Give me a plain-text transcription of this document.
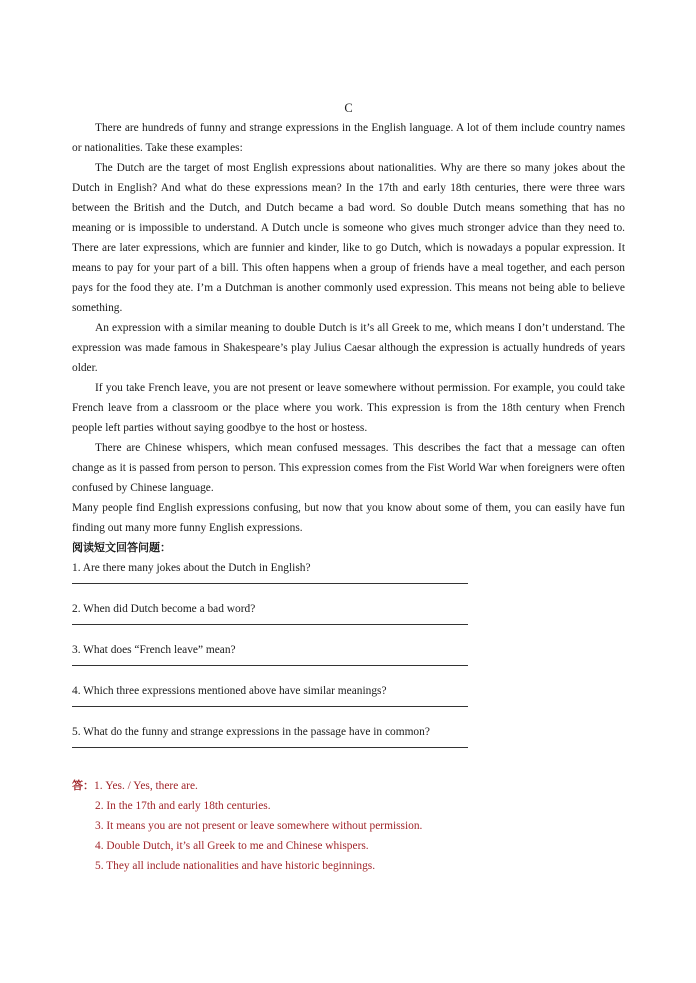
C

There are hundreds of funny and strange expressions in the English language. A lot of them include country names or nationalities. Take these examples:

The Dutch are the target of most English expressions about nationalities. Why are there so many jokes about the Dutch in English? And what do these expressions mean? In the 17th and early 18th centuries, there were three wars between the British and the Dutch, and Dutch became a bad word. So double Dutch means something that has no meaning or is impossible to understand. A Dutch uncle is someone who gives much stronger advice than they need to. There are later expressions, which are funnier and kinder, like to go Dutch, which is nowadays a popular expression. It means to pay for your part of a bill. This often happens when a group of friends have a meal together, and each person pays for the food they ate. I’m a Dutchman is another commonly used expression. This means not being able to believe something.

An expression with a similar meaning to double Dutch is it’s all Greek to me, which means I don’t understand. The expression was made famous in Shakespeare’s play Julius Caesar although the expression is actually hundreds of years older.

If you take French leave, you are not present or leave somewhere without permission. For example, you could take French leave from a classroom or the place where you work. This expression is from the 18th century when French people left parties without saying goodbye to the host or hostess.

There are Chinese whispers, which mean confused messages. This describes the fact that a message can often change as it is passed from person to person. This expression comes from the Fist World War when foreigners were often confused by Chinese language.

Many people find English expressions confusing, but now that you know about some of them, you can easily have fun finding out many more funny English expressions.

阅读短文回答问题：
1. Are there many jokes about the Dutch in English?
2. When did Dutch become a bad word?
3. What does “French leave” mean?
4. Which three expressions mentioned above have similar meanings?
5. What do the funny and strange expressions in the passage have in common?
答：1. Yes. / Yes, there are.
2. In the 17th and early 18th centuries.
3. It means you are not present or leave somewhere without permission.
4. Double Dutch, it’s all Greek to me and Chinese whispers.
5. They all include nationalities and have historic beginnings.
